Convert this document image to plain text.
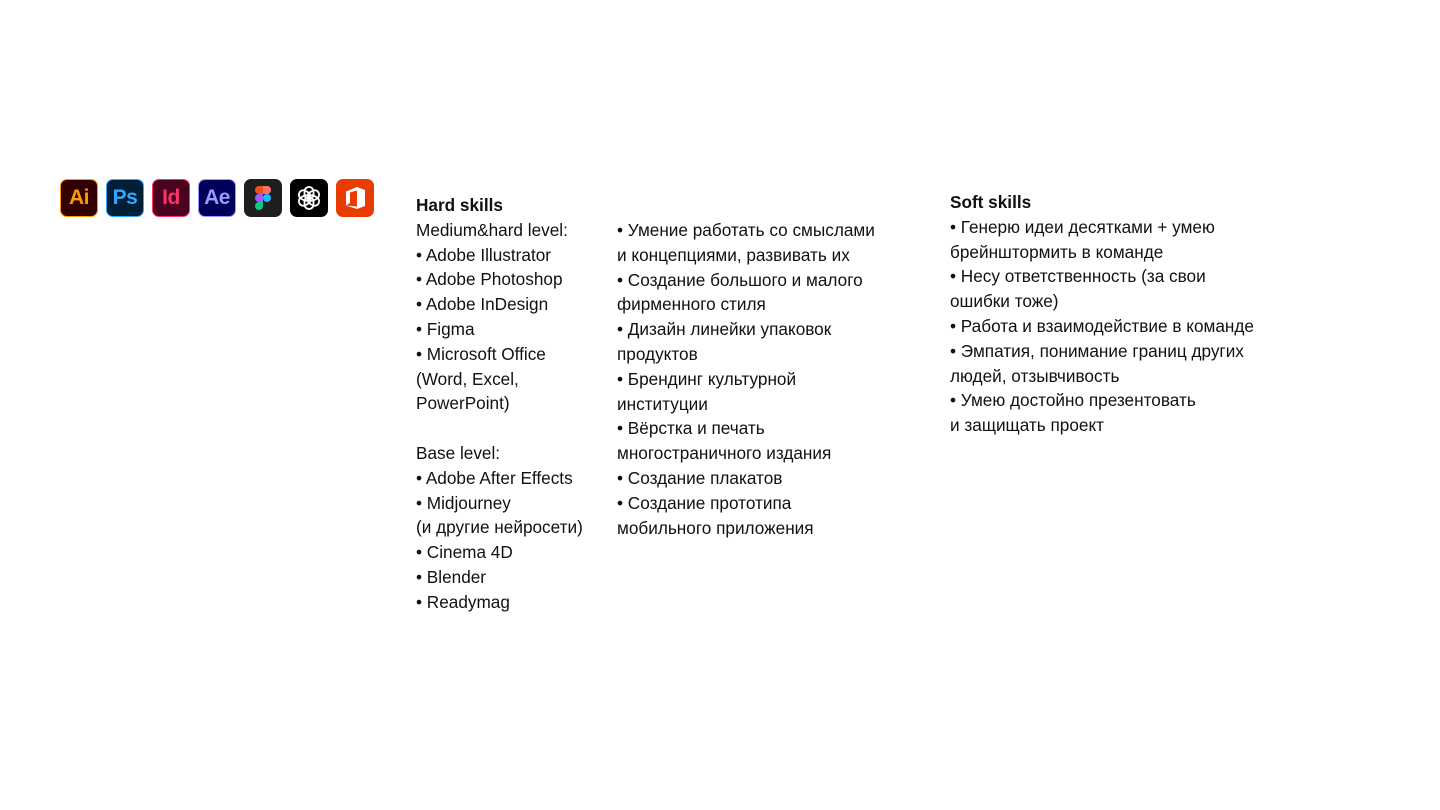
Ai Ps Id Ae	Hard skills
Medium&hard level:
• Adobe Illustrator
• Adobe Photoshop
• Adobe InDesign
• Figma
• Microsoft Office
(Word, Excel,
PowerPoint)
Base level:
• Adobe After Effects
• Midjourney
(и другие нейросети)
• Cinema 4D
• Blender
• Readymag
• Умение работать со смыслами
и концепциями, развивать их
• Создание большого и малого
фирменного стиля
• Дизайн линейки упаковок
продуктов
• Брендинг культурной
институции
• Вёрстка и печать
многостраничного издания
• Создание плакатов
• Создание прототипа
мобильного приложения
Soft skills
• Генерю идеи десятками + умею
брейнштормить в команде
• Несу ответственность (за свои
ошибки тоже)
• Работа и взаимодействие в команде
• Эмпатия, понимание границ других
людей, отзывчивость
• Умею достойно презентовать
и защищать проект
